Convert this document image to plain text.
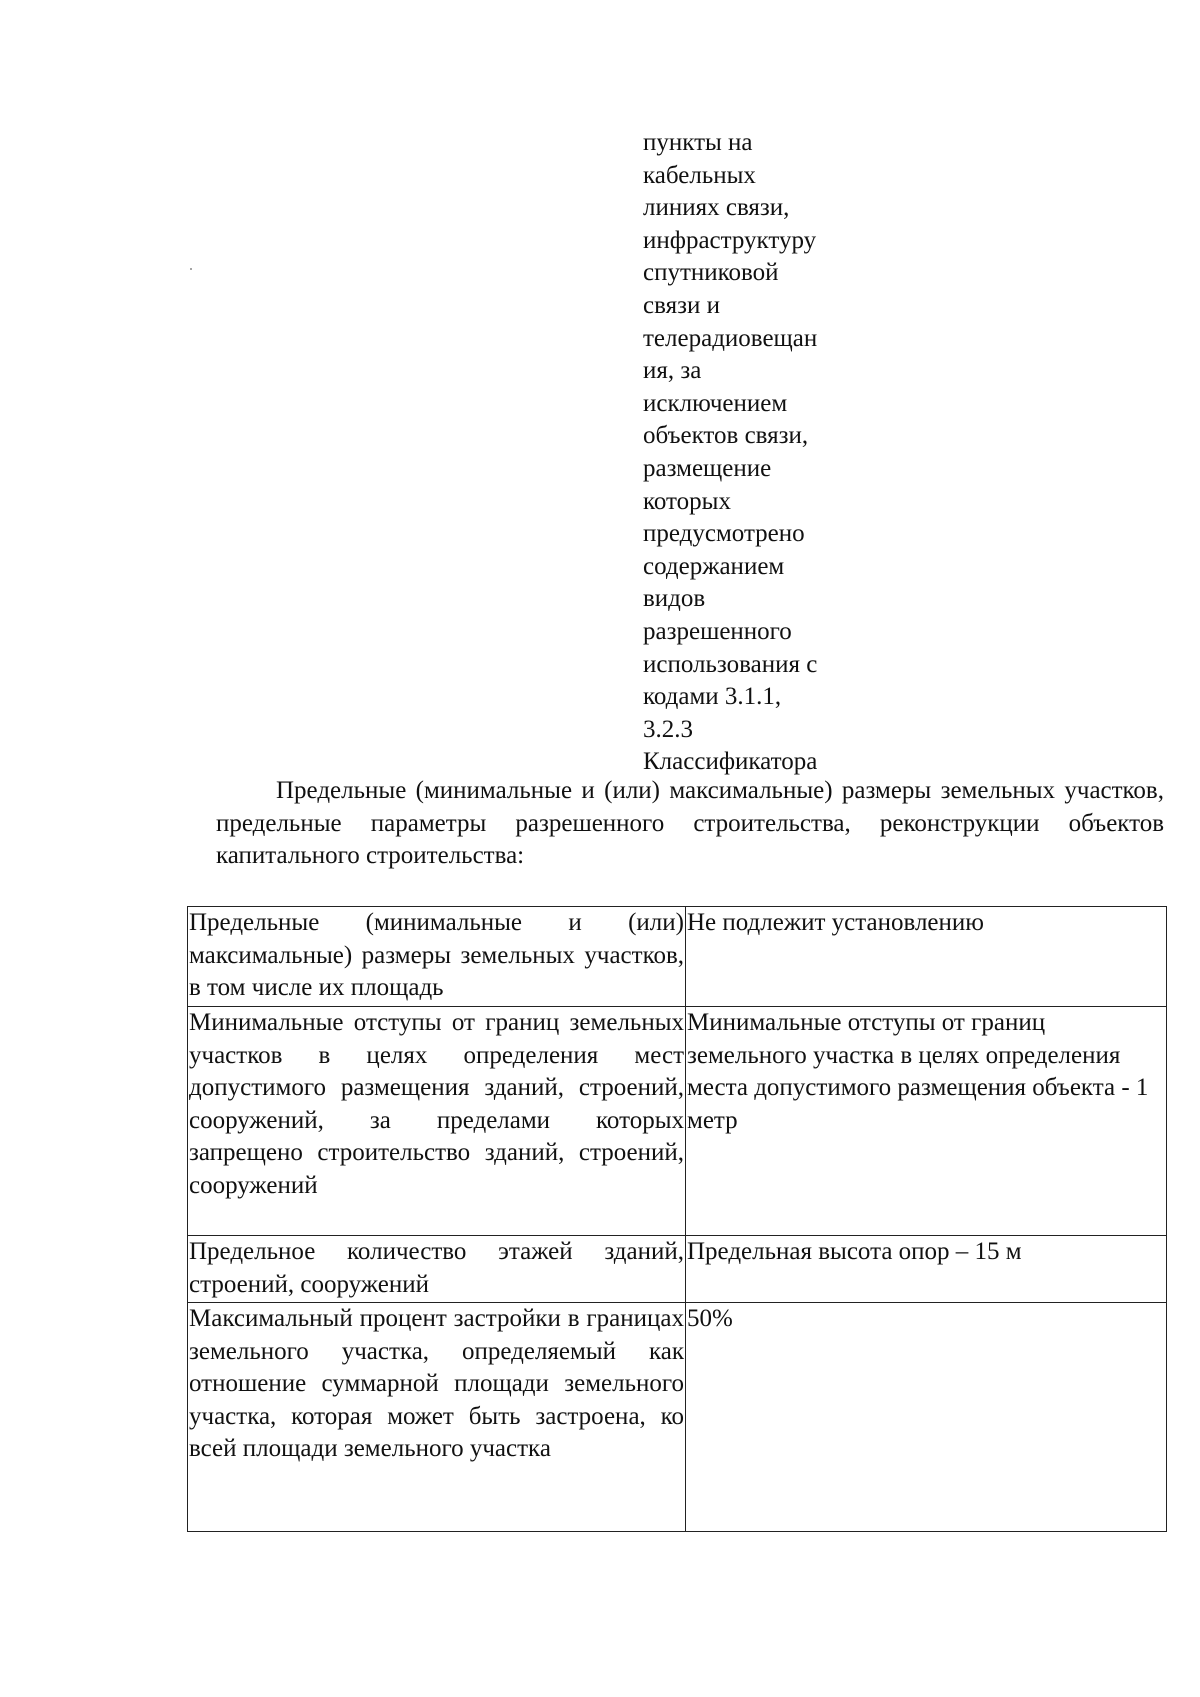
пункты на
кабельных
линиях связи,
инфраструктуру
спутниковой
связи и
телерадиовещан
ия, за
исключением
объектов связи,
размещение
которых
предусмотрено
содержанием
видов
разрешенного
использования с
кодами 3.1.1,
3.2.3
Классификатора

Предельные (минимальные и (или) максимальные) размеры земельных участков, предельные параметры разрешенного строительства, реконструкции объектов капитального строительства:

Предельные (минимальные и (или) максимальные) размеры земельных участков, в том числе их площадь	Не подлежит установлению
Минимальные отступы от границ земельных участков в целях определения мест допустимого размещения зданий, строений, сооружений, за пределами которых запрещено строительство зданий, строений, сооружений	Минимальные отступы от границ земельного участка в целях определения места допустимого размещения объекта - 1 метр
Предельное количество этажей зданий, строений, сооружений	Предельная высота опор – 15 м
Максимальный процент застройки в границах земельного участка, определяемый как отношение суммарной площади земельного участка, которая может быть застроена, ко всей площади земельного участка	50%
